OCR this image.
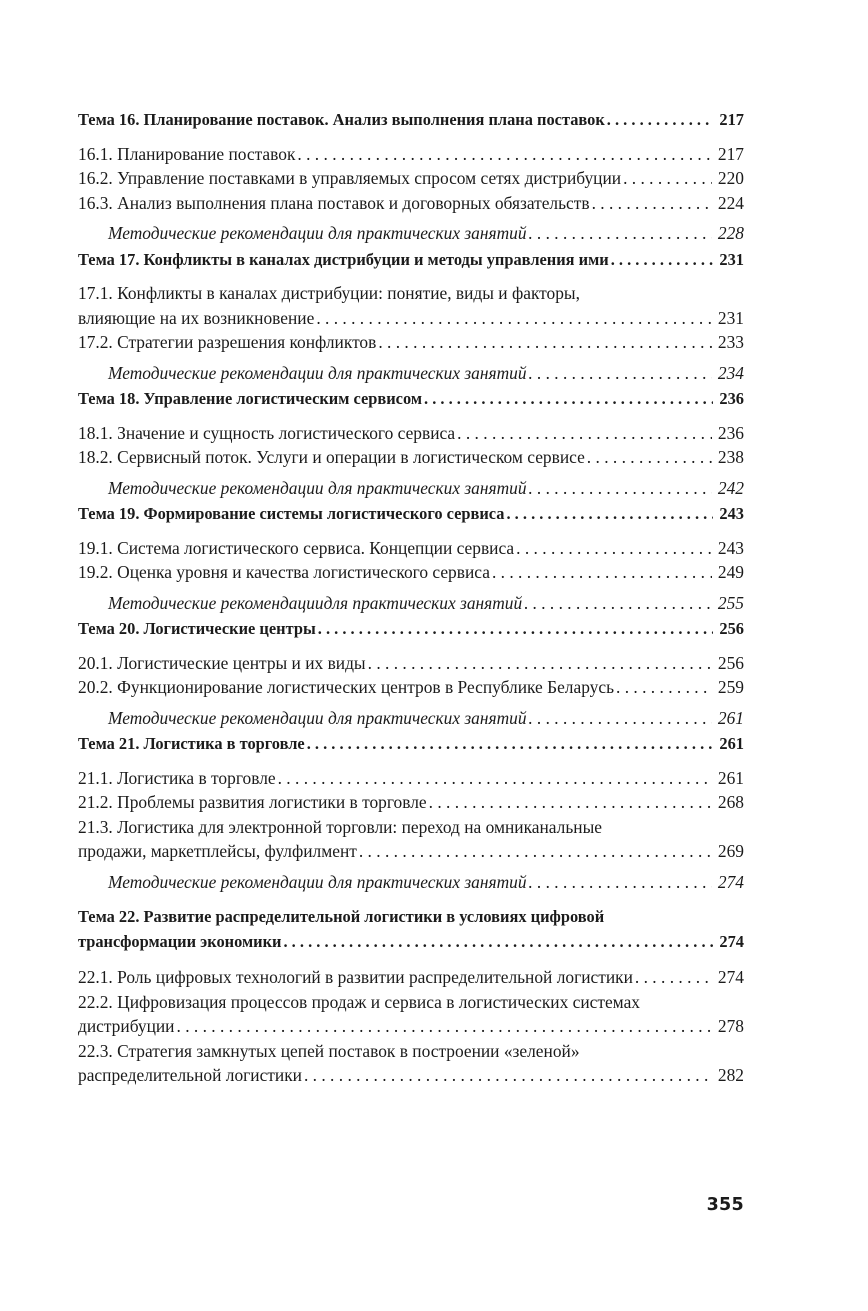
Тема 16. Планирование поставок. Анализ выполнения плана поставок . . .	217
16.1. Планирование поставок . . .	217
16.2. Управление поставками в управляемых спросом сетях дистрибуции . . .	220
16.3. Анализ выполнения плана поставок и договорных обязательств . . .	224
Методические рекомендации для практических занятий . . .	228
Тема 17. Конфликты в каналах дистрибуции и методы управления ими . . .	231
17.1. Конфликты в каналах дистрибуции: понятие, виды и факторы,
влияющие на их возникновение . . .	231
17.2. Стратегии разрешения конфликтов . . .	233
Методические рекомендации для практических занятий . . .	234
Тема 18. Управление логистическим сервисом . . .	236
18.1. Значение и сущность логистического сервиса . . .	236
18.2. Сервисный поток. Услуги и операции в логистическом сервисе . . .	238
Методические рекомендации для практических занятий . . .	242
Тема 19. Формирование системы логистического сервиса . . .	243
19.1. Система логистического сервиса. Концепции сервиса . . .	243
19.2. Оценка уровня и качества логистического сервиса . . .	249
Методические рекомендациидля практических занятий . . .	255
Тема 20. Логистические центры . . .	256
20.1. Логистические центры и их виды . . .	256
20.2. Функционирование логистических центров в Республике Беларусь . . .	259
Методические рекомендации для практических занятий . . .	261
Тема 21. Логистика в торговле . . .	261
21.1. Логистика в торговле . . .	261
21.2. Проблемы развития логистики в торговле . . .	268
21.3. Логистика для электронной торговли: переход на омниканальные
продажи, маркетплейсы, фулфилмент . . .	269
Методические рекомендации для практических занятий . . .	274
Тема 22. Развитие распределительной логистики в условиях цифровой
трансформации экономики . . .	274
22.1. Роль цифровых технологий в развитии распределительной логистики . . .	274
22.2. Цифровизация процессов продаж и сервиса в логистических системах
дистрибуции . . .	278
22.3. Стратегия замкнутых цепей поставок в построении «зеленой»
распределительной логистики . . .	282
355
